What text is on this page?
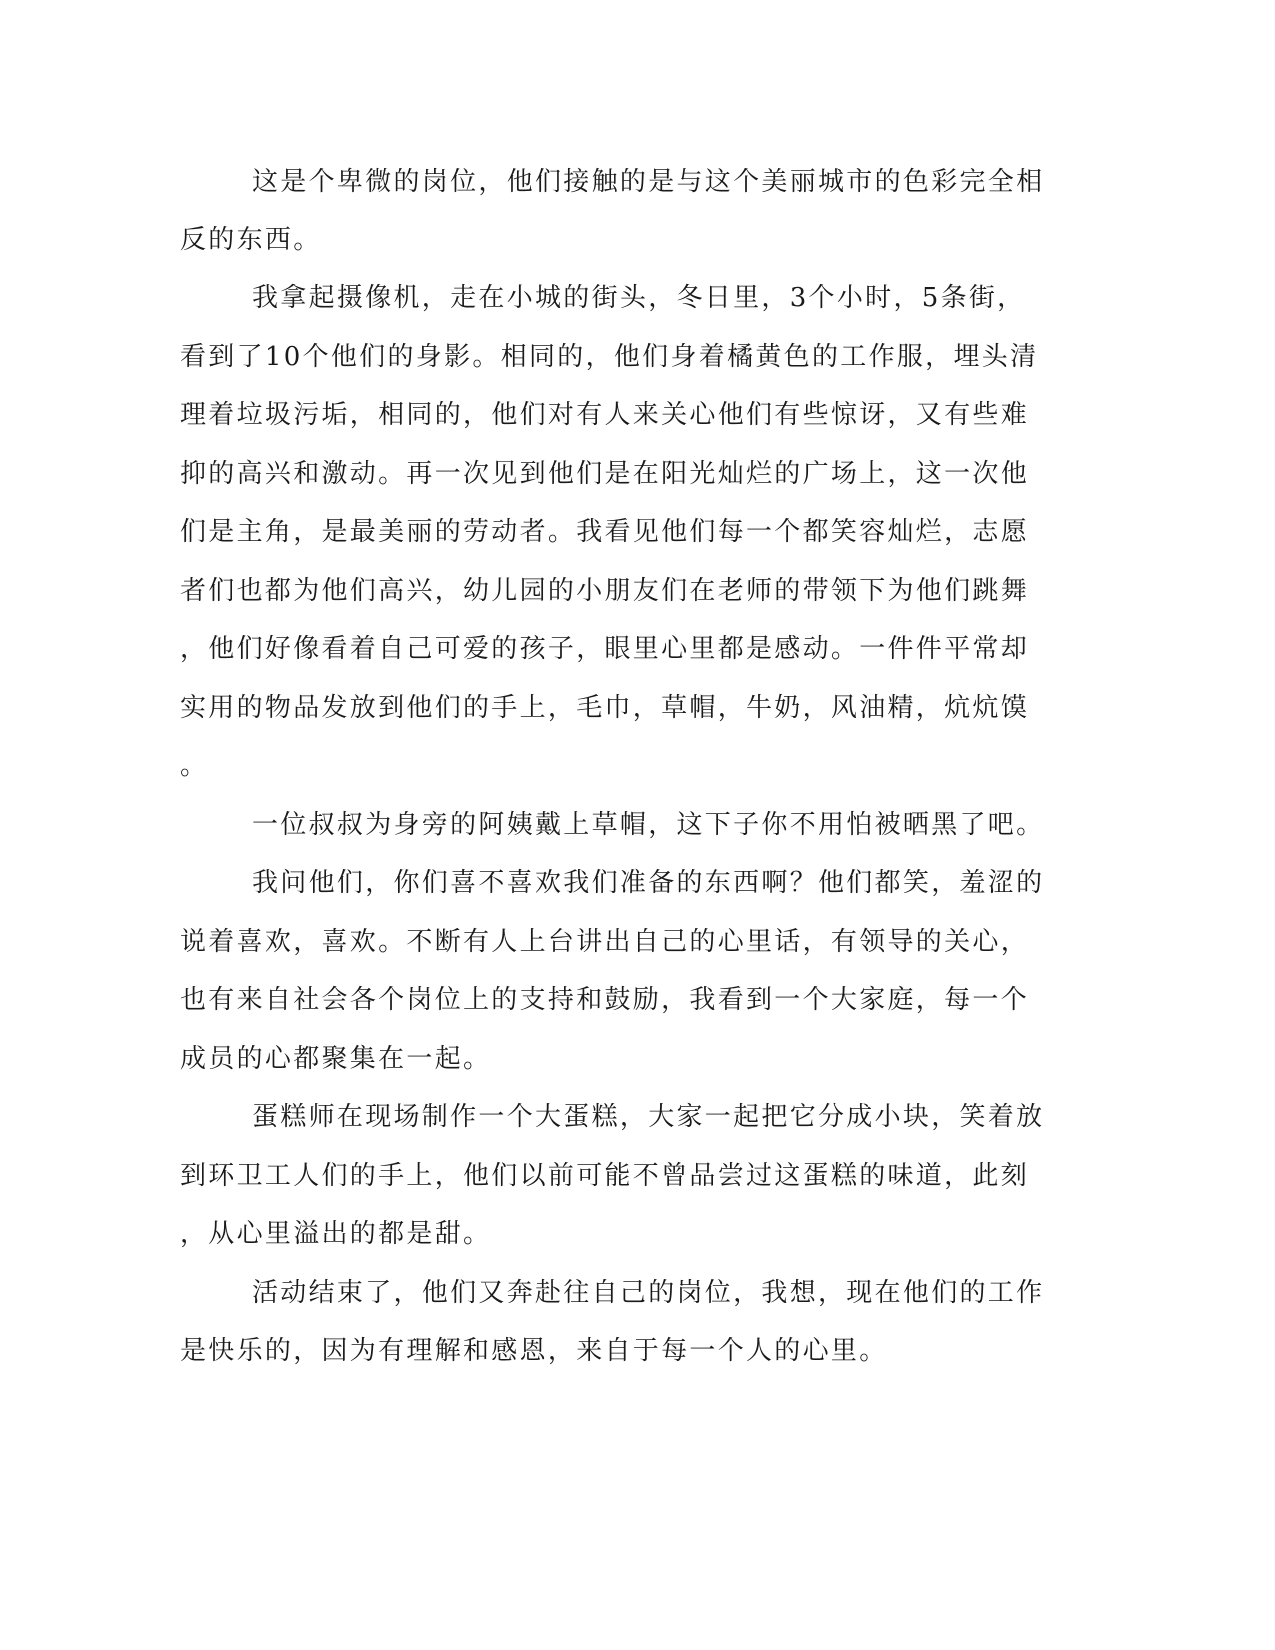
这是个卑微的岗位，他们接触的是与这个美丽城市的色彩完全相
反的东西。
我拿起摄像机，走在小城的街头，冬日里，3个小时，5条街，
看到了10个他们的身影。相同的，他们身着橘黄色的工作服，埋头清
理着垃圾污垢，相同的，他们对有人来关心他们有些惊讶，又有些难
抑的高兴和激动。再一次见到他们是在阳光灿烂的广场上，这一次他
们是主角，是最美丽的劳动者。我看见他们每一个都笑容灿烂，志愿
者们也都为他们高兴，幼儿园的小朋友们在老师的带领下为他们跳舞
，他们好像看着自己可爱的孩子，眼里心里都是感动。一件件平常却
实用的物品发放到他们的手上，毛巾，草帽，牛奶，风油精，炕炕馍
。
一位叔叔为身旁的阿姨戴上草帽，这下子你不用怕被晒黑了吧。
我问他们，你们喜不喜欢我们准备的东西啊？他们都笑，羞涩的
说着喜欢，喜欢。不断有人上台讲出自己的心里话，有领导的关心，
也有来自社会各个岗位上的支持和鼓励，我看到一个大家庭，每一个
成员的心都聚集在一起。
蛋糕师在现场制作一个大蛋糕，大家一起把它分成小块，笑着放
到环卫工人们的手上，他们以前可能不曾品尝过这蛋糕的味道，此刻
，从心里溢出的都是甜。
活动结束了，他们又奔赴往自己的岗位，我想，现在他们的工作
是快乐的，因为有理解和感恩，来自于每一个人的心里。
